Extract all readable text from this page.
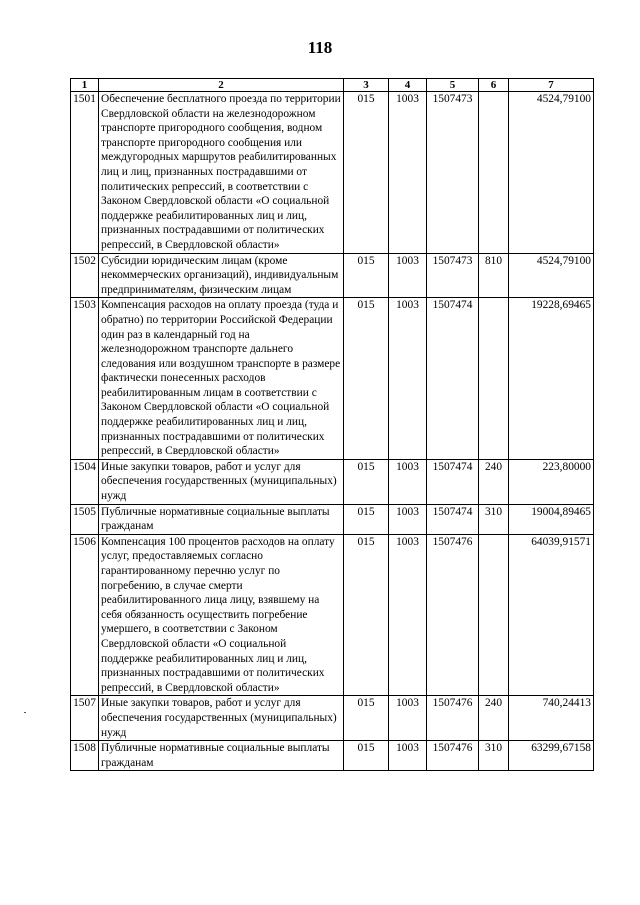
118
1	2	3	4	5	6	7
1501	Обеспечение бесплатного проезда по территории Свердловской области на железнодорожном транспорте пригородного сообщения, водном транспорте пригородного сообщения или междугородных маршрутов реабилитированных лиц и лиц, признанных пострадавшими от политических репрессий, в соответствии с Законом Свердловской области «О социальной поддержке реабилитированных лиц и лиц, признанных пострадавшими от политических репрессий, в Свердловской области»	015	1003	1507473		4524,79100
1502	Субсидии юридическим лицам (кроме некоммерческих организаций), индивидуальным предпринимателям, физическим лицам	015	1003	1507473	810	4524,79100
1503	Компенсация расходов на оплату проезда (туда и обратно) по территории Российской Федерации один раз в календарный год на железнодорожном транспорте дальнего следования или воздушном транспорте в размере фактически понесенных расходов реабилитированным лицам в соответствии с Законом Свердловской области «О социальной поддержке реабилитированных лиц и лиц, признанных пострадавшими от политических репрессий, в Свердловской области»	015	1003	1507474		19228,69465
1504	Иные закупки товаров, работ и услуг для обеспечения государственных (муниципальных) нужд	015	1003	1507474	240	223,80000
1505	Публичные нормативные социальные выплаты гражданам	015	1003	1507474	310	19004,89465
1506	Компенсация 100 процентов расходов на оплату услуг, предоставляемых согласно гарантированному перечню услуг по погребению, в случае смерти реабилитированного лица лицу, взявшему на себя обязанность осуществить погребение умершего, в соответствии с Законом Свердловской области «О социальной поддержке реабилитированных лиц и лиц, признанных пострадавшими от политических репрессий, в Свердловской области»	015	1003	1507476		64039,91571
1507	Иные закупки товаров, работ и услуг для обеспечения государственных (муниципальных) нужд	015	1003	1507476	240	740,24413
1508	Публичные нормативные социальные выплаты гражданам	015	1003	1507476	310	63299,67158
